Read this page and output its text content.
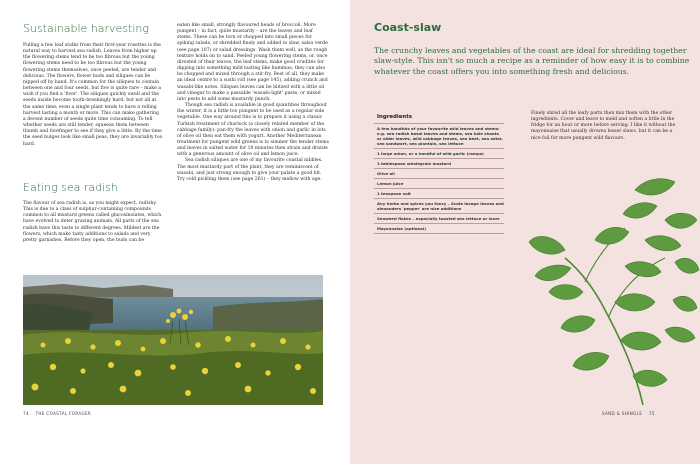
Sustainable harvesting

Pulling a few leaf stalks from their first-year rosettes is the natural way to harvest sea radish. Leaves from higher up the flowering stems tend to be too fibrous but the young flowering stems need to be too fibrous but the young flowering stems themselves, once peeled, are tender and delicious. The flowers, flower buds and siliques can be nipped off by hand. It's common for the siliques to contain between one and four seeds, but five is quite rare – make a wish if you find a 'fiver'. The siliques quickly swell and the seeds inside become tooth-breakingly hard, but not all at the same time; even a single plant tends to have a rolling harvest lasting a month or more. This can make gathering a decent number of seeds quite time consuming. To tell whether seeds are still tender, squeeze them between thumb and forefinger to see if they give a little. By the time the seed bulges look like small peas, they are invariably too hard.

Eating sea radish

The flavour of sea radish is, as you might expect, radishy. This is due to a class of sulphur-containing compounds common to all mustard greens called glucosinolates, which have evolved to deter grazing animals. All parts of the sea radish have this taste to different degrees. Mildest are the flowers, which make tasty additions to salads and very pretty garnishes. Before they open, the buds can be

eaten like small, strongly flavoured heads of broccoli. More pungent – in fact, quite mustardy – are the leaves and leaf stems. These can be torn or chopped into small pieces for spiking salads, or shredded finely and added to slaw, salsa verde (see page 107) or salad dressings. Wash them well, as the rough texture holds on to sand. Peeled young flowering stems, or, once divested of their leaves, the leaf stems, make good crudités for dipping into something mild tasting like hummus; they can also be chopped and mixed through a stir-fry. Best of all, they make an ideal centre to a sushi roll (see page 145), adding crunch and wasabi-like notes. Siliques leaves can be blitzed with a little oil and vinegar to make a passable 'wasabi-light' paste, or mixed into pesto to add some mustardy punch.

Though sea radish is available in good quantities throughout the winter, it is a little too pungent to be used as a regular side vegetable. One way around this is to prepare it using a classic Turkish treatment of charlock (a closely related member of the cabbage family): pan-fry the leaves with onion and garlic in lots of olive oil then eat them with yogurt. Another Mediterranean treatment for pungent wild greens is to simmer the tender stems and leaves in salted water for 10 minutes then strain and drizzle with a generous amount of olive oil and lemon juice.

Sea radish siliques are one of my favourite coastal nibbles. The most mustardy part of the plant, they are reminiscent of wasabi, and just strong enough to give your palate a good hit. Try cold pickling them (see page 261) – they mellow with age.

74 THE COASTAL FORAGER
Coast-slaw

The crunchy leaves and vegetables of the coast are ideal for shredding together slaw-style. This isn't so much a recipe as a reminder of how easy it is to combine whatever the coast offers you into something fresh and delicious.

Ingredients
A few handfuls of your favourite wild leaves and stems: e.g. sea radish basal leaves and stems, sea kale shoots or older leaves, wild cabbage leaves, sea beet, sea aster, sea sandwort, sea plantain, sea lettuce
1 large onion, or a handful of wild garlic (ramps)
1 tablespoon wholegrain mustard
Olive oil
Lemon juice
1 teaspoon salt
Any herbs and spices you fancy – Scots lovage leaves and alexanders 'pepper' are nice additions
Seaweed flakes – especially toasted sea lettuce or laver
Mayonnaise (optional)

Finely shred all the leafy parts then mix them with the other ingredients. Cover and leave to meld and soften a little in the fridge for an hour or more before serving. I like it without the mayonnaise that usually drowns lesser slaws, but it can be a nice foil for more pungent wild flavours.

SAND & SHINGLE 75
